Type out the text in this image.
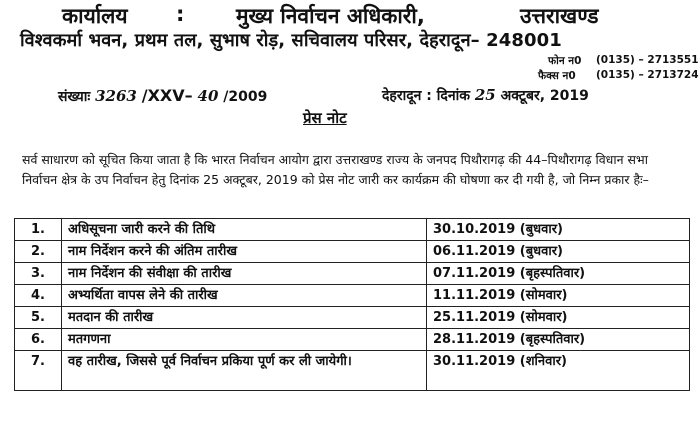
कार्यालय : मुख्य निर्वाचन अधिकारी,	उत्तराखण्ड
विश्वकर्मा भवन, प्रथम तल, सुभाष रोड़, सचिवालय परिसर, देहरादून– 248001
फोन न0 (0135) – 2713551
फैक्स न0 (0135) – 2713724
संख्याः 3263 /XXV– 40 /2009	देहरादून : दिनांक 25 अक्टूबर, 2019
प्रेस नोट
सर्व साधारण को सूचित किया जाता है कि भारत निर्वाचन आयोग द्वारा उत्तराखण्ड राज्य के जनपद पिथौरागढ़ की 44–पिथौरागढ़ विधान सभा निर्वाचन क्षेत्र के उप निर्वाचन हेतु दिनांक 25 अक्टूबर, 2019 को प्रेस नोट जारी कर कार्यक्रम की घोषणा कर दी गयी है, जो निम्न प्रकार हैः–
1.	अधिसूचना जारी करने की तिथि	30.10.2019 (बुधवार)
2.	नाम निर्देशन करने की अंतिम तारीख	06.11.2019 (बुधवार)
3.	नाम निर्देशन की संवीक्षा की तारीख	07.11.2019 (बृहस्पतिवार)
4.	अभ्यर्थिता वापस लेने की तारीख	11.11.2019 (सोमवार)
5.	मतदान की तारीख	25.11.2019 (सोमवार)
6.	मतगणना	28.11.2019 (बृहस्पतिवार)
7.	वह तारीख, जिससे पूर्व निर्वाचन प्रकिया पूर्ण कर ली जायेगी।	30.11.2019 (शनिवार)
